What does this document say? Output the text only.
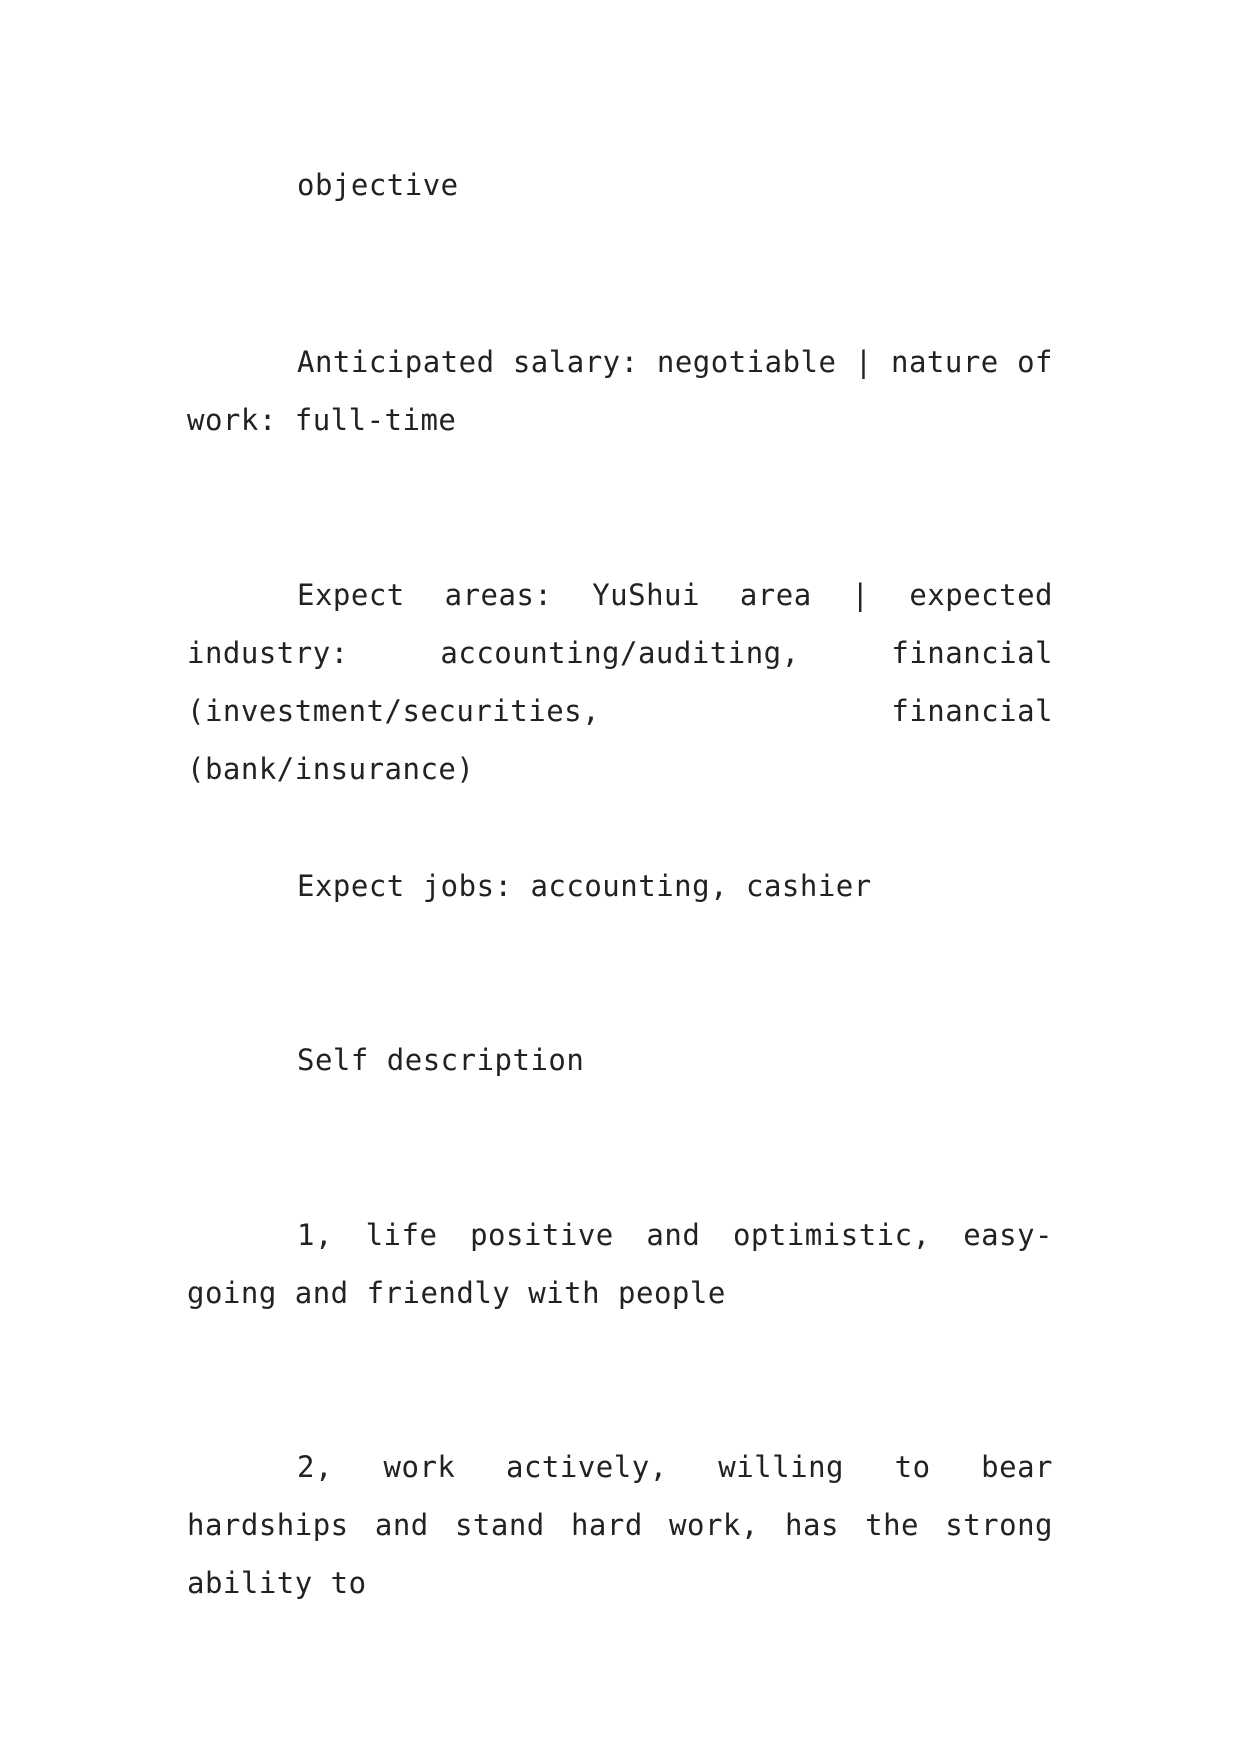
objective

Anticipated salary: negotiable | nature of work: full-time

Expect areas: YuShui area | expected industry: accounting/auditing, financial (investment/securities, financial (bank/insurance)

Expect jobs: accounting, cashier

Self description

1, life positive and optimistic, easy-going and friendly with people

2, work actively, willing to bear hardships and stand hard work, has the strong ability to
